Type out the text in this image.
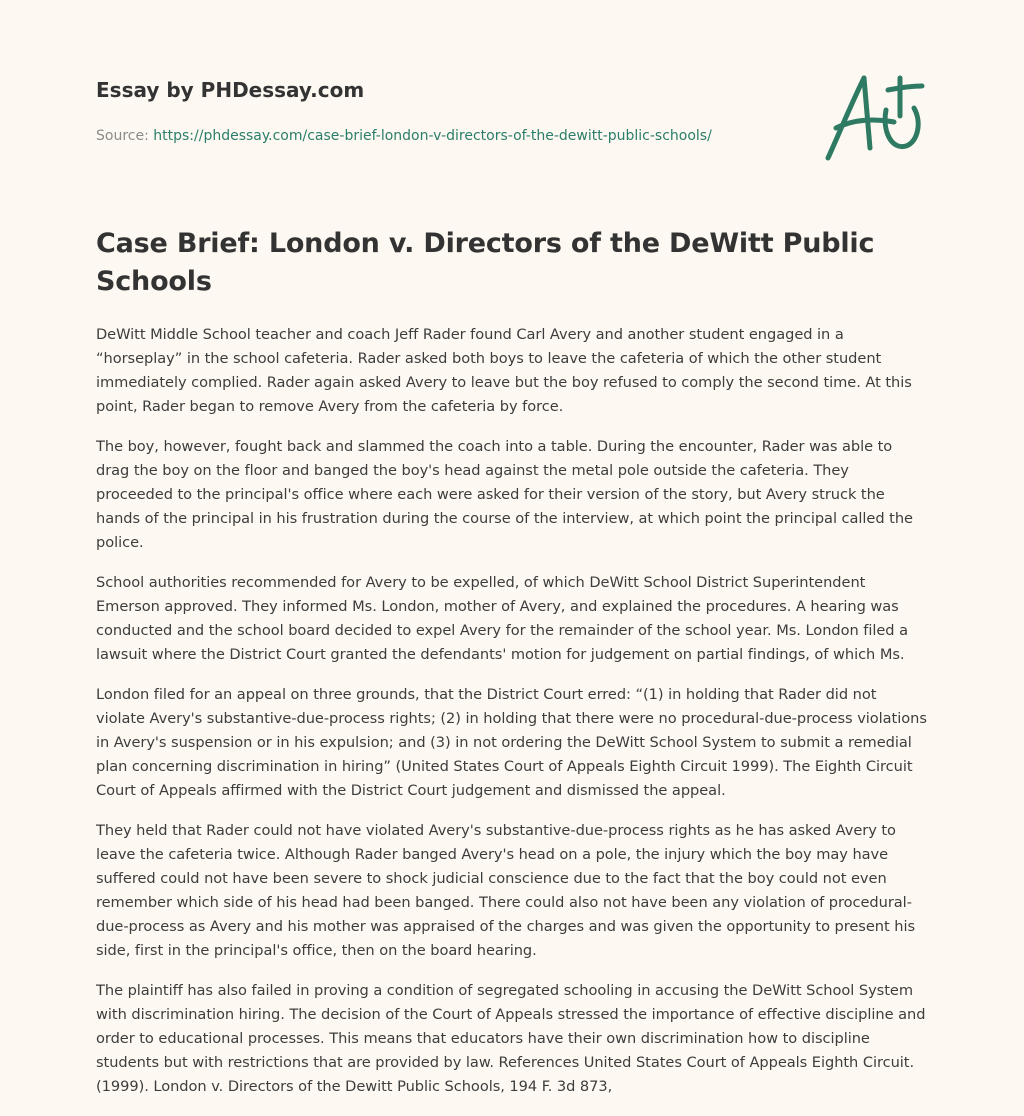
Essay by PHDessay.com
Source: https://phdessay.com/case-brief-london-v-directors-of-the-dewitt-public-schools/
Case Brief: London v. Directors of the DeWitt Public Schools

DeWitt Middle School teacher and coach Jeff Rader found Carl Avery and another student engaged in a “horseplay” in the school cafeteria. Rader asked both boys to leave the cafeteria of which the other student immediately complied. Rader again asked Avery to leave but the boy refused to comply the second time. At this point, Rader began to remove Avery from the cafeteria by force.

The boy, however, fought back and slammed the coach into a table. During the encounter, Rader was able to drag the boy on the floor and banged the boy's head against the metal pole outside the cafeteria. They proceeded to the principal's office where each were asked for their version of the story, but Avery struck the hands of the principal in his frustration during the course of the interview, at which point the principal called the police.

School authorities recommended for Avery to be expelled, of which DeWitt School District Superintendent Emerson approved. They informed Ms. London, mother of Avery, and explained the procedures. A hearing was conducted and the school board decided to expel Avery for the remainder of the school year. Ms. London filed a lawsuit where the District Court granted the defendants' motion for judgement on partial findings, of which Ms.

London filed for an appeal on three grounds, that the District Court erred: “(1) in holding that Rader did not violate Avery's substantive-due-process rights; (2) in holding that there were no procedural-due-process violations in Avery's suspension or in his expulsion; and (3) in not ordering the DeWitt School System to submit a remedial plan concerning discrimination in hiring” (United States Court of Appeals Eighth Circuit 1999). The Eighth Circuit Court of Appeals affirmed with the District Court judgement and dismissed the appeal.

They held that Rader could not have violated Avery's substantive-due-process rights as he has asked Avery to leave the cafeteria twice. Although Rader banged Avery's head on a pole, the injury which the boy may have suffered could not have been severe to shock judicial conscience due to the fact that the boy could not even remember which side of his head had been banged. There could also not have been any violation of procedural-due-process as Avery and his mother was appraised of the charges and was given the opportunity to present his side, first in the principal's office, then on the board hearing.

The plaintiff has also failed in proving a condition of segregated schooling in accusing the DeWitt School System with discrimination hiring. The decision of the Court of Appeals stressed the importance of effective discipline and order to educational processes. This means that educators have their own discrimination how to discipline students but with restrictions that are provided by law. References United States Court of Appeals Eighth Circuit. (1999). London v. Directors of the Dewitt Public Schools, 194 F. 3d 873,
